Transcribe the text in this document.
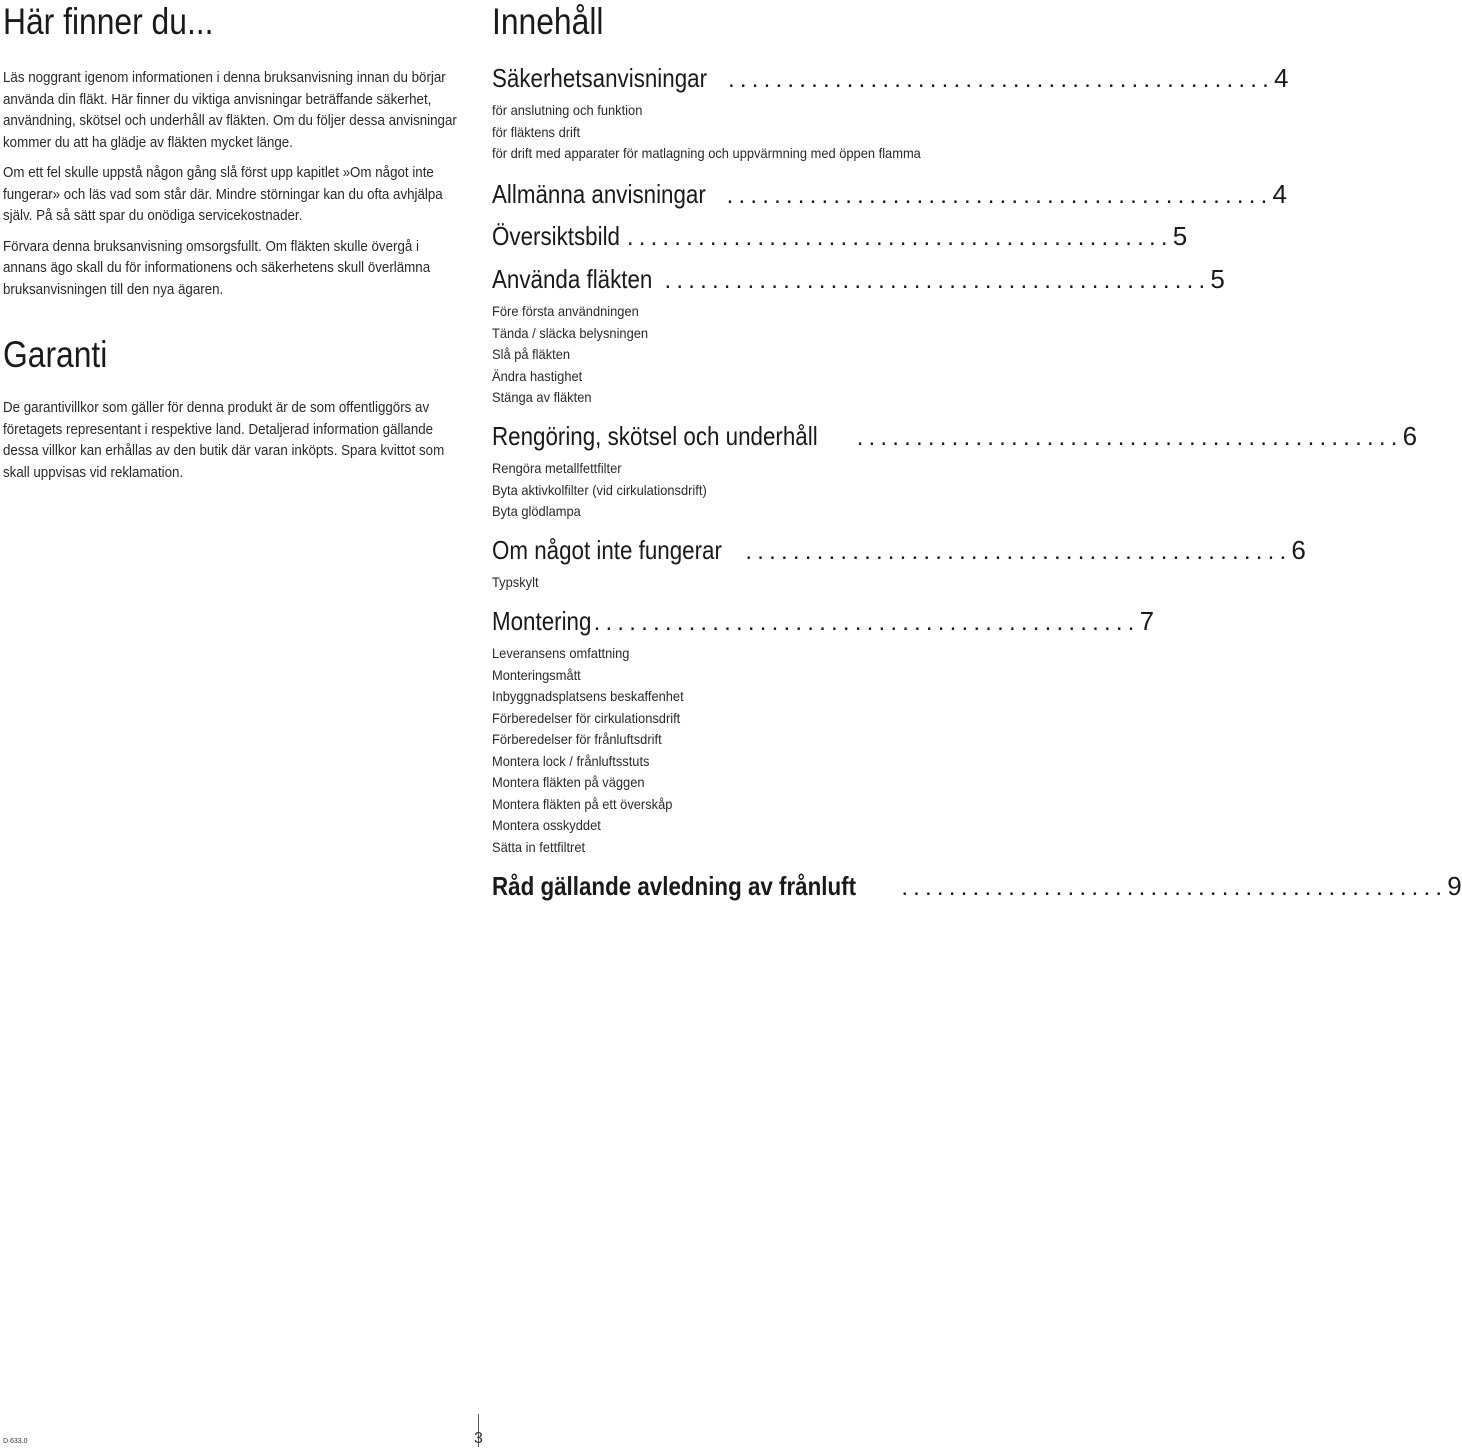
Här finner du...

Läs noggrant igenom informationen i denna bruksanvisning innan du börjar använda din fläkt. Här finner du viktiga anvisningar beträffande säkerhet, användning, skötsel och underhåll av fläkten. Om du följer dessa anvisningar kommer du att ha glädje av fläkten mycket länge.

Om ett fel skulle uppstå någon gång slå först upp kapitlet »Om något inte fungerar» och läs vad som står där. Mindre störningar kan du ofta avhjälpa själv. På så sätt spar du onödiga servicekostnader.

Förvara denna bruksanvisning omsorgsfullt. Om fläkten skulle övergå i annans ägo skall du för informationens och säkerhetens skull överlämna bruksanvisningen till den nya ägaren.

Garanti

De garantivillkor som gäller för denna produkt är de som offentliggörs av företagets representant i respektive land. Detaljerad information gällande dessa villkor kan erhållas av den butik där varan inköpts. Spara kvittot som skall uppvisas vid reklamation.

Innehåll
Säkerhetsanvisningar .............................................. 4
för anslutning och funktion
för fläktens drift
för drift med apparater för matlagning och uppvärmning med öppen flamma
Allmänna anvisningar .............................................. 4
Översiktsbild .............................................. 5
Använda fläkten .............................................. 5
Före första användningen
Tända / släcka belysningen
Slå på fläkten
Ändra hastighet
Stänga av fläkten
Rengöring, skötsel och underhåll .............................................. 6
Rengöra metallfettfilter
Byta aktivkolfilter (vid cirkulationsdrift)
Byta glödlampa
Om något inte fungerar .............................................. 6
Typskylt
Montering .............................................. 7
Leveransens omfattning
Monteringsmått
Inbyggnadsplatsens beskaffenhet
Förberedelser för cirkulationsdrift
Förberedelser för frånluftsdrift
Montera lock / frånluftsstuts
Montera fläkten på väggen
Montera fläkten på ett överskåp
Montera osskyddet
Sätta in fettfiltret
Råd gällande avledning av frånluft .............................................. 9
D 633.0	3
